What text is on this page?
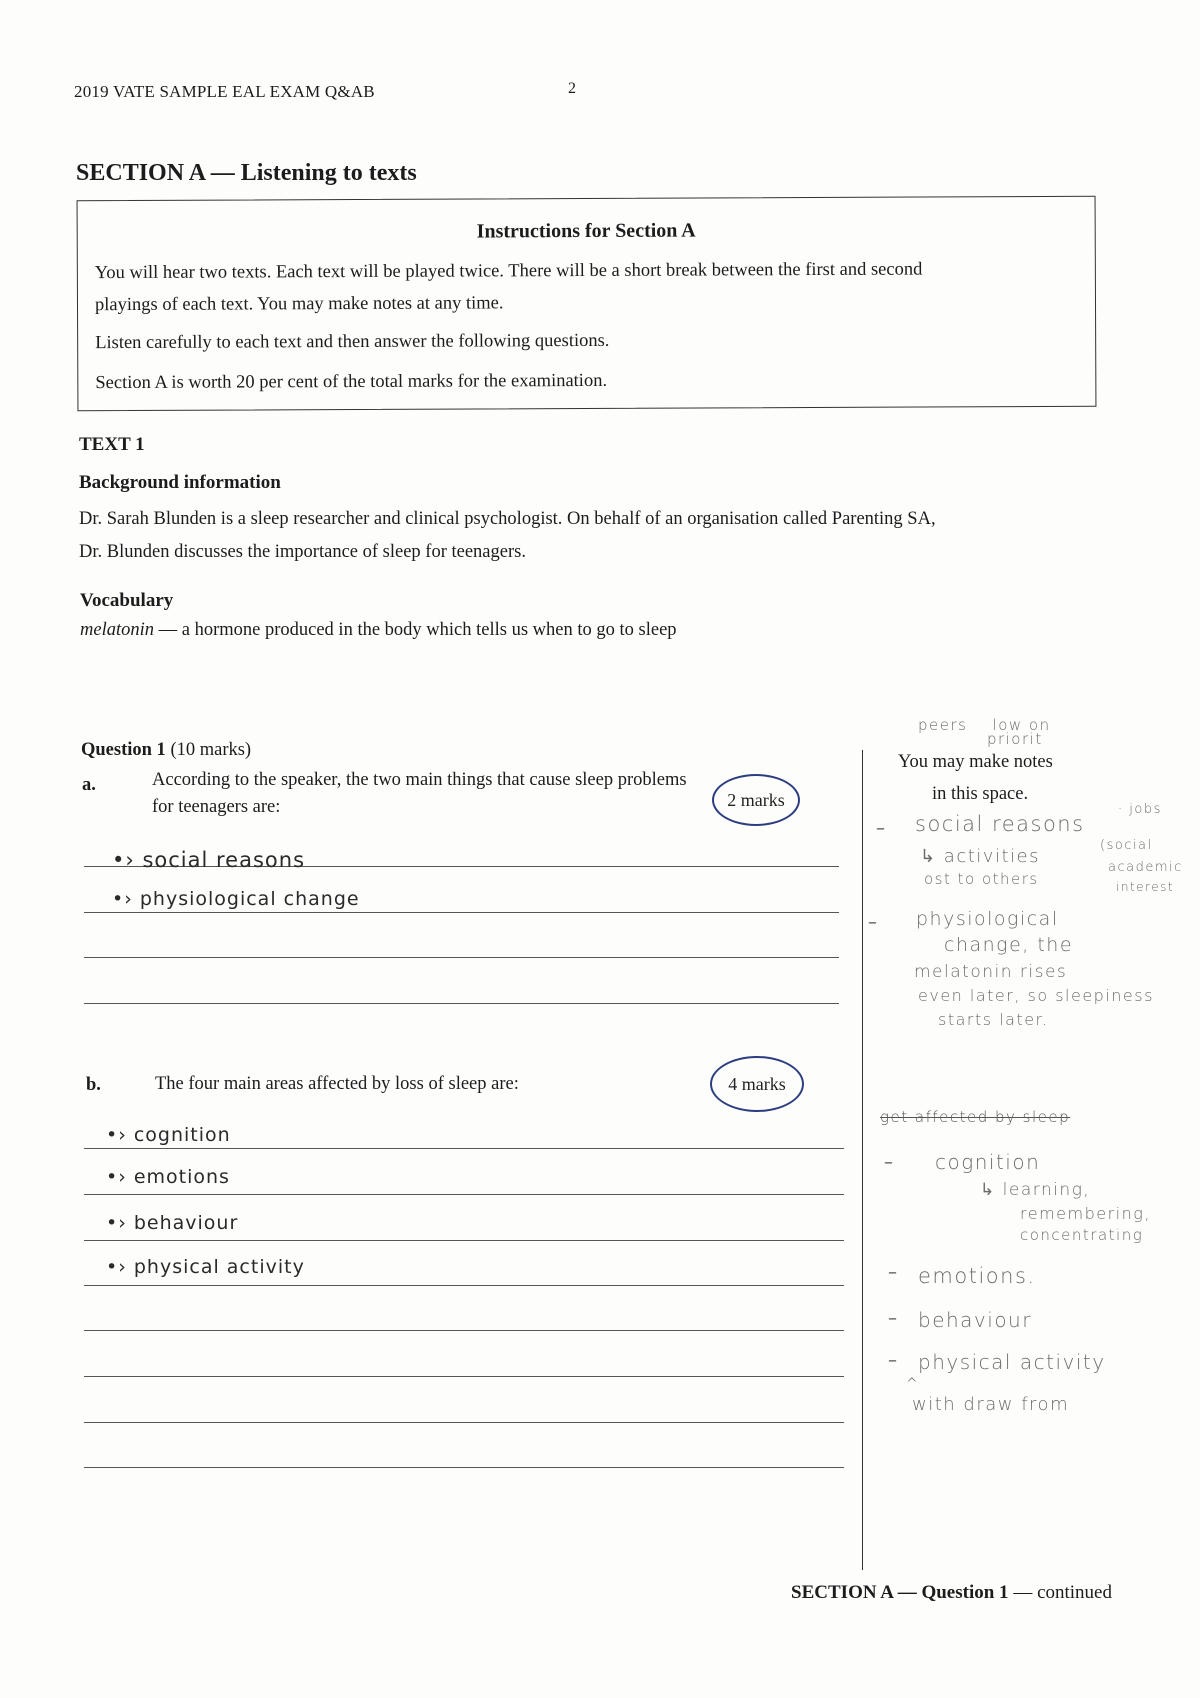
2019 VATE SAMPLE EAL EXAM Q&AB	2
SECTION A — Listening to texts
Instructions for Section A
You will hear two texts. Each text will be played twice. There will be a short break between the first and second
playings of each text. You may make notes at any time.
Listen carefully to each text and then answer the following questions.
Section A is worth 20 per cent of the total marks for the examination.
TEXT 1
Background information
Dr. Sarah Blunden is a sleep researcher and clinical psychologist. On behalf of an organisation called Parenting SA,
Dr. Blunden discusses the importance of sleep for teenagers.
Vocabulary
melatonin — a hormone produced in the body which tells us when to go to sleep
Question 1 (10 marks)
a.	According to the speaker, the two main things that cause sleep problems
for teenagers are:	2 marks
•› social reasons
•› physiological change
b.	The four main areas affected by loss of sleep are:	4 marks
•› cognition
•› emotions
•› behaviour
•› physical activity
peers    low on
priorit
You may make notes
in this space.
– social reasons
↳ activities
ost to others
· jobs
(social
academic
interest
– physiological
change, the
melatonin rises
even later, so sleepiness
starts later.
get affected by sleep
– cognition
↳ learning,
remembering,
concentrating
– emotions.
– behaviour
– physical activity
^
with draw from
SECTION A — Question 1 — continued
